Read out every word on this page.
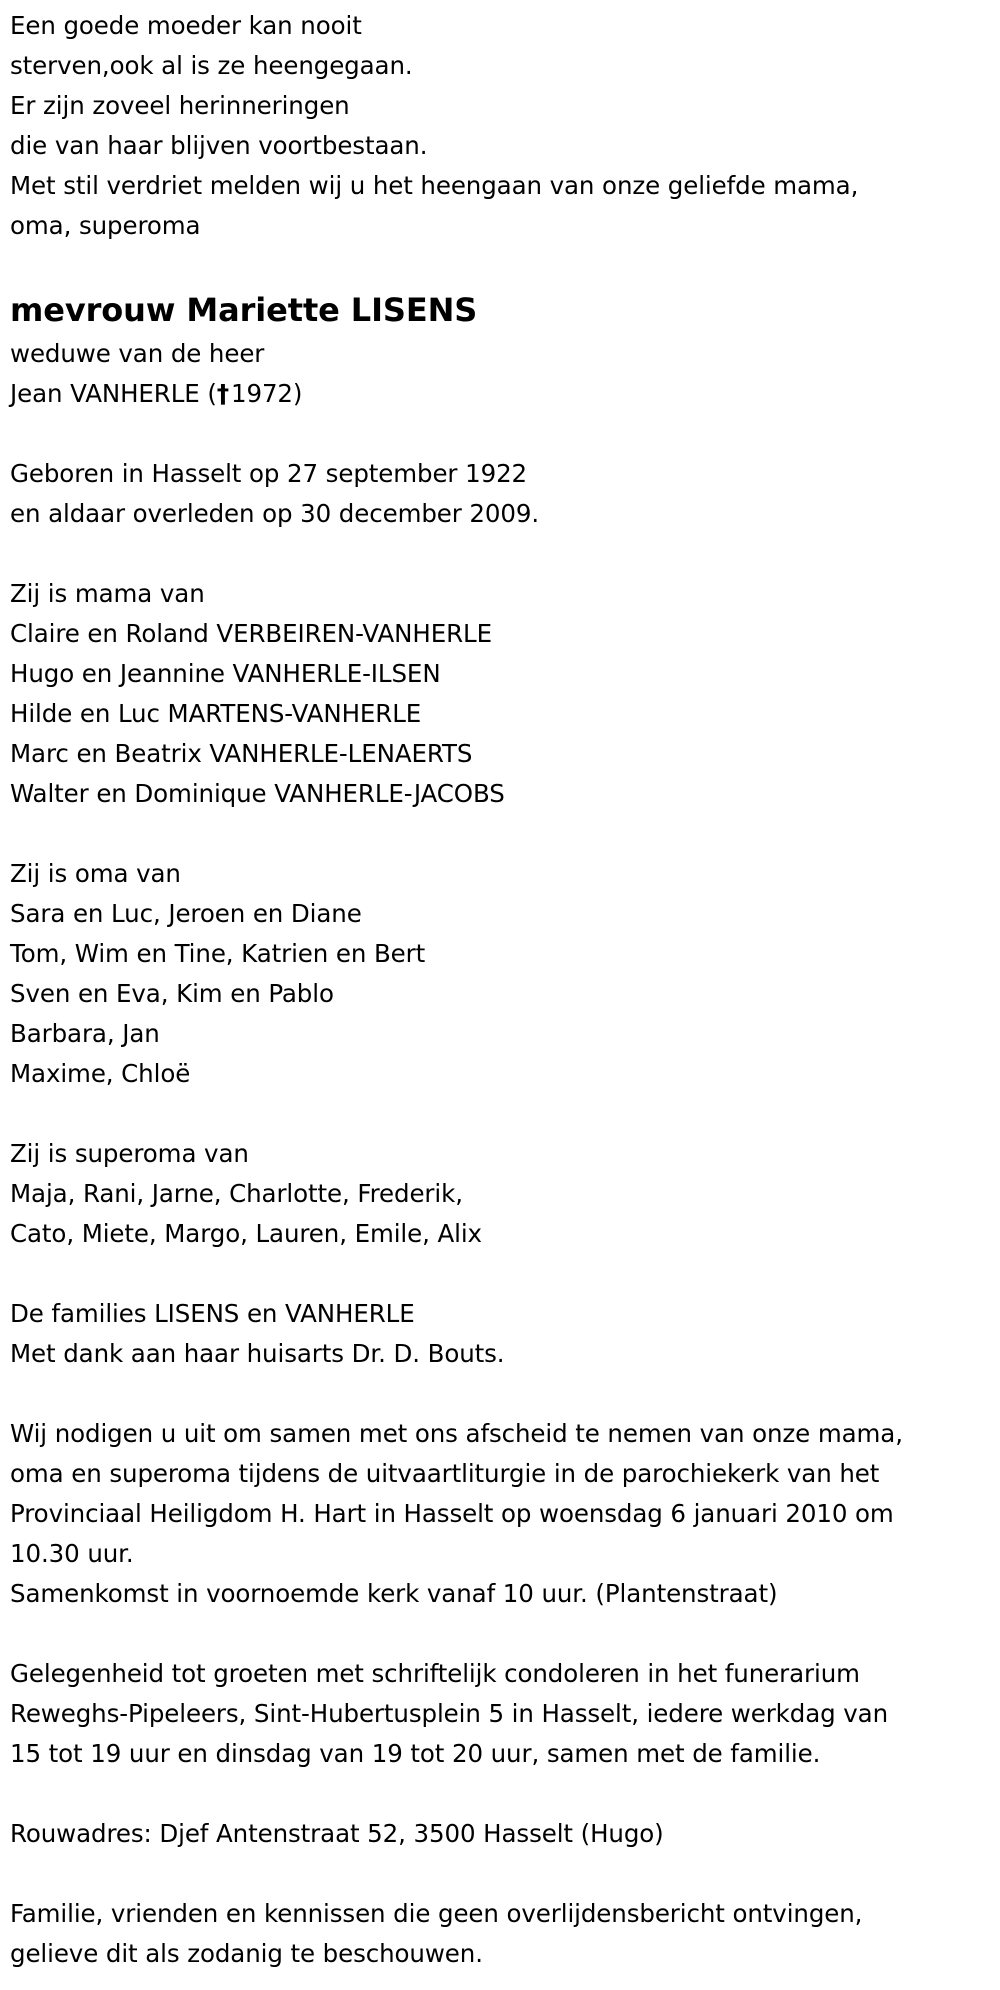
Een goede moeder kan nooit
sterven,ook al is ze heengegaan.
Er zijn zoveel herinneringen
die van haar blijven voortbestaan.
Met stil verdriet melden wij u het heengaan van onze geliefde mama,
oma, superoma
mevrouw Mariette LISENS
weduwe van de heer
Jean VANHERLE (†1972)
Geboren in Hasselt op 27 september 1922
en aldaar overleden op 30 december 2009.
Zij is mama van
Claire en Roland VERBEIREN-VANHERLE
Hugo en Jeannine VANHERLE-ILSEN
Hilde en Luc MARTENS-VANHERLE
Marc en Beatrix VANHERLE-LENAERTS
Walter en Dominique VANHERLE-JACOBS
Zij is oma van
Sara en Luc, Jeroen en Diane
Tom, Wim en Tine, Katrien en Bert
Sven en Eva, Kim en Pablo
Barbara, Jan
Maxime, Chloë
Zij is superoma van
Maja, Rani, Jarne, Charlotte, Frederik,
Cato, Miete, Margo, Lauren, Emile, Alix
De families LISENS en VANHERLE
Met dank aan haar huisarts Dr. D. Bouts.
Wij nodigen u uit om samen met ons afscheid te nemen van onze mama,
oma en superoma tijdens de uitvaartliturgie in de parochiekerk van het
Provinciaal Heiligdom H. Hart in Hasselt op woensdag 6 januari 2010 om
10.30 uur.
Samenkomst in voornoemde kerk vanaf 10 uur. (Plantenstraat)
Gelegenheid tot groeten met schriftelijk condoleren in het funerarium
Reweghs-Pipeleers, Sint-Hubertusplein 5 in Hasselt, iedere werkdag van
15 tot 19 uur en dinsdag van 19 tot 20 uur, samen met de familie.
Rouwadres: Djef Antenstraat 52, 3500 Hasselt (Hugo)
Familie, vrienden en kennissen die geen overlijdensbericht ontvingen,
gelieve dit als zodanig te beschouwen.
